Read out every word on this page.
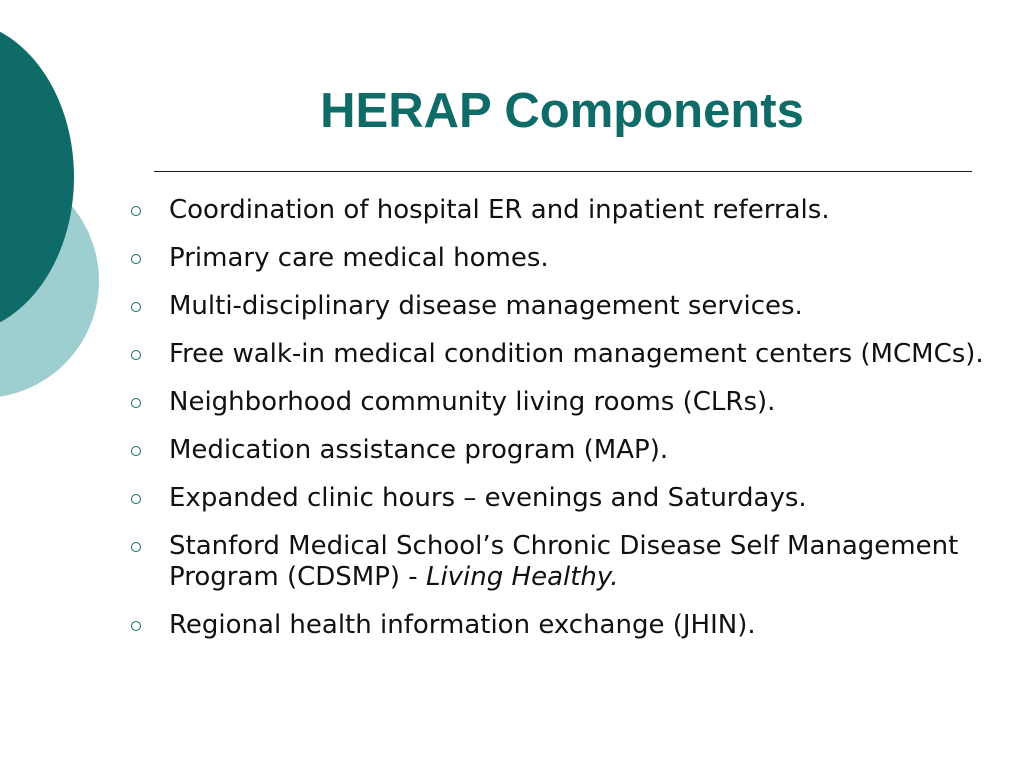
HERAP Components
Coordination of hospital ER and inpatient referrals.
Primary care medical homes.
Multi-disciplinary disease management services.
Free walk-in medical condition management centers (MCMCs).
Neighborhood community living rooms (CLRs).
Medication assistance program (MAP).
Expanded clinic hours – evenings and Saturdays.
Stanford Medical School’s Chronic Disease Self Management Program (CDSMP) - Living Healthy.
Regional health information exchange (JHIN).
